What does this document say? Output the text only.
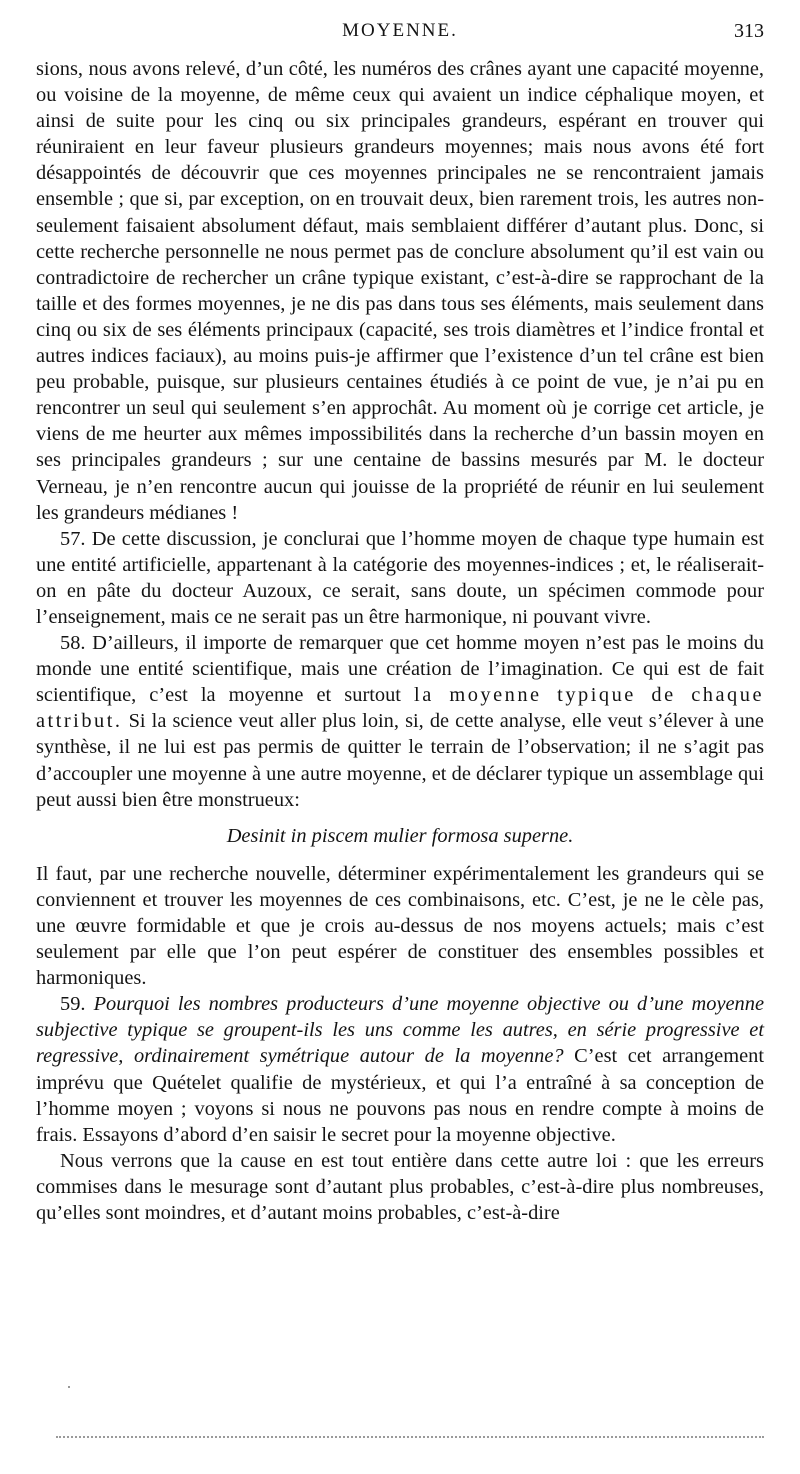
MOYENNE.	313

sions, nous avons relevé, d’un côté, les numéros des crânes ayant une capacité moyenne, ou voisine de la moyenne, de même ceux qui avaient un indice céphalique moyen, et ainsi de suite pour les cinq ou six principales grandeurs, espérant en trouver qui réuniraient en leur faveur plusieurs grandeurs moyennes; mais nous avons été fort désappointés de découvrir que ces moyennes principales ne se rencontraient jamais ensemble ; que si, par exception, on en trouvait deux, bien rarement trois, les autres non-seulement faisaient absolument défaut, mais semblaient différer d’autant plus. Donc, si cette recherche personnelle ne nous permet pas de conclure absolument qu’il est vain ou contradictoire de rechercher un crâne typique existant, c’est-à-dire se rapprochant de la taille et des formes moyennes, je ne dis pas dans tous ses éléments, mais seulement dans cinq ou six de ses éléments principaux (capacité, ses trois diamètres et l’indice frontal et autres indices faciaux), au moins puis-je affirmer que l’existence d’un tel crâne est bien peu probable, puisque, sur plusieurs centaines étudiés à ce point de vue, je n’ai pu en rencontrer un seul qui seulement s’en approchât. Au moment où je corrige cet article, je viens de me heurter aux mêmes impossibilités dans la recherche d’un bassin moyen en ses principales grandeurs ; sur une centaine de bassins mesurés par M. le docteur Verneau, je n’en rencontre aucun qui jouisse de la propriété de réunir en lui seulement les grandeurs médianes !

57. De cette discussion, je conclurai que l’homme moyen de chaque type humain est une entité artificielle, appartenant à la catégorie des moyennes-indices ; et, le réaliserait-on en pâte du docteur Auzoux, ce serait, sans doute, un spécimen commode pour l’enseignement, mais ce ne serait pas un être harmonique, ni pouvant vivre.

58. D’ailleurs, il importe de remarquer que cet homme moyen n’est pas le moins du monde une entité scientifique, mais une création de l’imagination. Ce qui est de fait scientifique, c’est la moyenne et surtout la moyenne typique de chaque attribut. Si la science veut aller plus loin, si, de cette analyse, elle veut s’élever à une synthèse, il ne lui est pas permis de quitter le terrain de l’observation; il ne s’agit pas d’accoupler une moyenne à une autre moyenne, et de déclarer typique un assemblage qui peut aussi bien être monstrueux:

Desinit in piscem mulier formosa superne.

Il faut, par une recherche nouvelle, déterminer expérimentalement les grandeurs qui se conviennent et trouver les moyennes de ces combinaisons, etc. C’est, je ne le cèle pas, une œuvre formidable et que je crois au-dessus de nos moyens actuels; mais c’est seulement par elle que l’on peut espérer de constituer des ensembles possibles et harmoniques.

59. Pourquoi les nombres producteurs d’une moyenne objective ou d’une moyenne subjective typique se groupent-ils les uns comme les autres, en série progressive et regressive, ordinairement symétrique autour de la moyenne? C’est cet arrangement imprévu que Quételet qualifie de mystérieux, et qui l’a entraîné à sa conception de l’homme moyen ; voyons si nous ne pouvons pas nous en rendre compte à moins de frais. Essayons d’abord d’en saisir le secret pour la moyenne objective.

Nous verrons que la cause en est tout entière dans cette autre loi : que les erreurs commises dans le mesurage sont d’autant plus probables, c’est-à-dire plus nombreuses, qu’elles sont moindres, et d’autant moins probables, c’est-à-dire
